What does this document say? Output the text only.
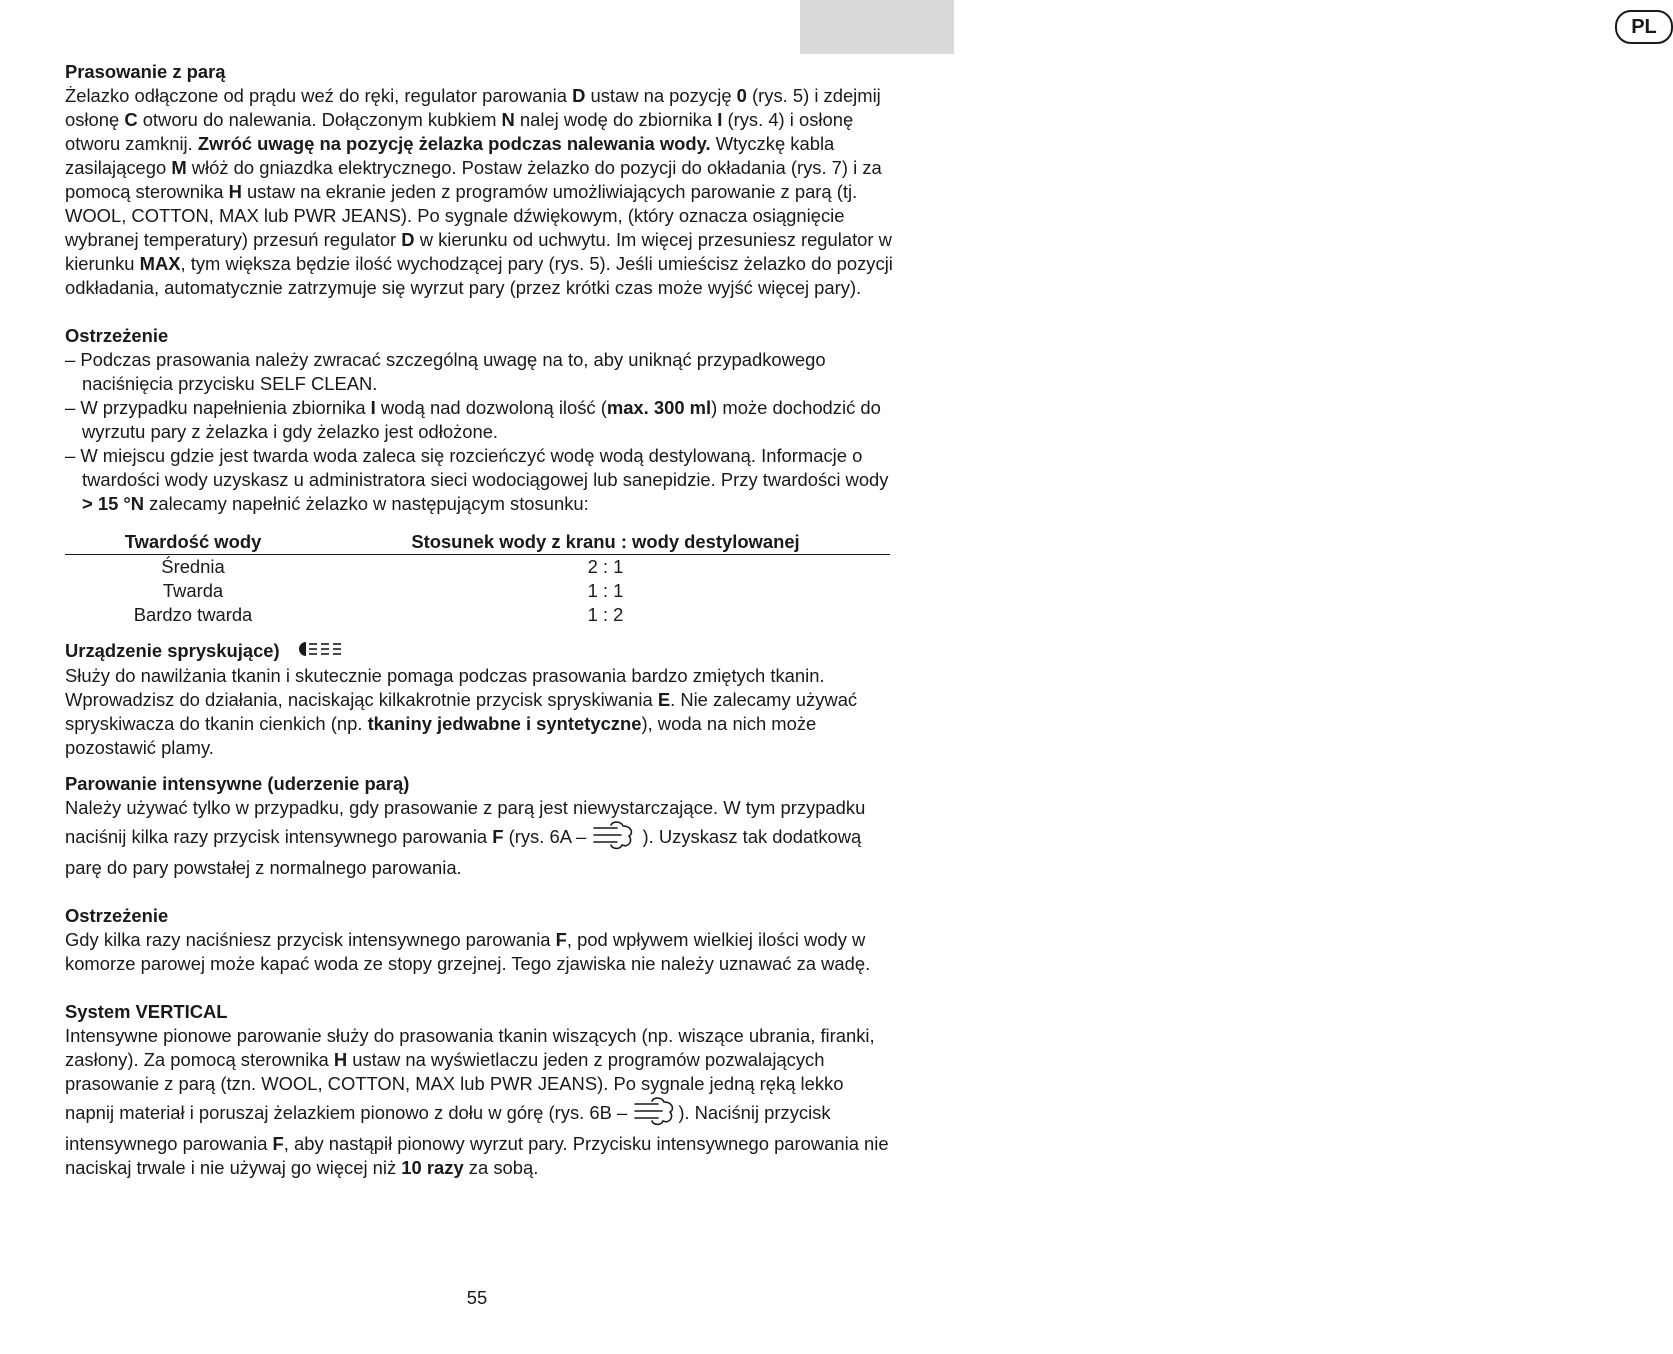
PL
Prasowanie z parą

Żelazko odłączone od prądu weź do ręki, regulator parowania D ustaw na pozycję 0 (rys. 5) i zdejmij osłonę C otworu do nalewania. Dołączonym kubkiem N nalej wodę do zbiornika I (rys. 4) i osłonę otworu zamknij. Zwróć uwagę na pozycję żelazka podczas nalewania wody. Wtyczkę kabla zasilającego M włóż do gniazdka elektrycznego. Postaw żelazko do pozycji do okładania (rys. 7) i za pomocą sterownika H ustaw na ekranie jeden z programów umożliwiających parowanie z parą (tj. WOOL, COTTON, MAX lub PWR JEANS). Po sygnale dźwiękowym, (który oznacza osiągnięcie wybranej temperatury) przesuń regulator D w kierunku od uchwytu. Im więcej przesuniesz regulator w kierunku MAX, tym większa będzie ilość wychodzącej pary (rys. 5). Jeśli umieścisz żelazko do pozycji odkładania, automatycznie zatrzymuje się wyrzut pary (przez krótki czas może wyjść więcej pary).

Ostrzeżenie

– Podczas prasowania należy zwracać szczególną uwagę na to, aby uniknąć przypadkowego naciśnięcia przycisku SELF CLEAN.

– W przypadku napełnienia zbiornika I wodą nad dozwoloną ilość (max. 300 ml) może dochodzić do wyrzutu pary z żelazka i gdy żelazko jest odłożone.

– W miejscu gdzie jest twarda woda zaleca się rozcieńczyć wodę wodą destylowaną. Informacje o twardości wody uzyskasz u administratora sieci wodociągowej lub sanepidzie. Przy twardości wody > 15 °N zalecamy napełnić żelazko w następującym stosunku:

Twardość wody	Stosunek wody z kranu : wody destylowanej
Średnia	2 : 1
Twarda	1 : 1
Bardzo twarda	1 : 2
Urządzenie spryskujące)

Służy do nawilżania tkanin i skutecznie pomaga podczas prasowania bardzo zmiętych tkanin. Wprowadzisz do działania, naciskając kilkakrotnie przycisk spryskiwania E. Nie zalecamy używać spryskiwacza do tkanin cienkich (np. tkaniny jedwabne i syntetyczne), woda na nich może pozostawić plamy.

Parowanie intensywne (uderzenie parą)

Należy używać tylko w przypadku, gdy prasowanie z parą jest niewystarczające. W tym przypadku naciśnij kilka razy przycisk intensywnego parowania F (rys. 6A –	). Uzyskasz tak dodatkową parę do pary powstałej z normalnego parowania.

Ostrzeżenie

Gdy kilka razy naciśniesz przycisk intensywnego parowania F, pod wpływem wielkiej ilości wody w komorze parowej może kapać woda ze stopy grzejnej. Tego zjawiska nie należy uznawać za wadę.

System VERTICAL

Intensywne pionowe parowanie służy do prasowania tkanin wiszących (np. wiszące ubrania, firanki, zasłony). Za pomocą sterownika H ustaw na wyświetlaczu jeden z programów pozwalających prasowanie z parą (tzn. WOOL, COTTON, MAX lub PWR JEANS). Po sygnale jedną ręką lekko napnij materiał i poruszaj żelazkiem pionowo z dołu w górę (rys. 6B –	). Naciśnij przycisk intensywnego parowania F, aby nastąpił pionowy wyrzut pary. Przycisku intensywnego parowania nie naciskaj trwale i nie używaj go więcej niż 10 razy za sobą.

55
